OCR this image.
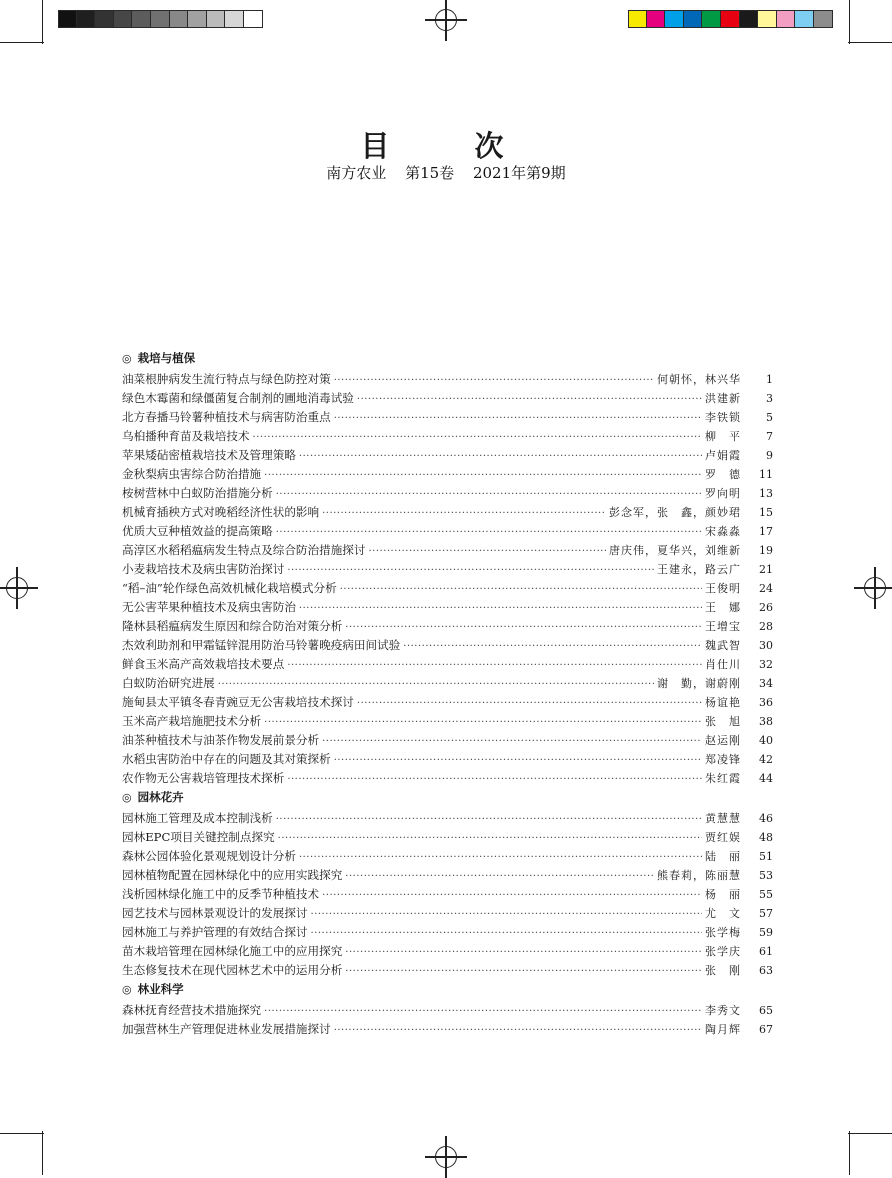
目　次
南方农业 第15卷 2021年第9期
◎ 栽培与植保
油菜根肿病发生流行特点与绿色防控对策 ·····	何朝怀，林兴华	1
绿色木霉菌和绿僵菌复合制剂的圃地消毒试验 ·····	洪建新	3
北方春播马铃薯种植技术与病害防治重点 ·····	李铁锁	5
乌桕播种育苗及栽培技术 ·····	柳　平	7
苹果矮砧密植栽培技术及管理策略 ·····	卢娟霞	9
金秋梨病虫害综合防治措施 ·····	罗　德	11
桉树营林中白蚁防治措施分析 ·····	罗向明	13
机械育插秧方式对晚稻经济性状的影响 ·····	彭念军，张　鑫，颜妙珺	15
优质大豆种植效益的提高策略 ·····	宋淼淼	17
高淳区水稻稻瘟病发生特点及综合防治措施探讨 ·····	唐庆伟，夏华兴，刘维新	19
小麦栽培技术及病虫害防治探讨 ·····	王建永，路云广	21
“稻–油”轮作绿色高效机械化栽培模式分析 ·····	王俊明	24
无公害苹果种植技术及病虫害防治 ·····	王　娜	26
隆林县稻瘟病发生原因和综合防治对策分析 ·····	王增宝	28
杰效利助剂和甲霜锰锌混用防治马铃薯晚疫病田间试验 ·····	魏武智	30
鲜食玉米高产高效栽培技术要点 ·····	肖仕川	32
白蚁防治研究进展 ·····	谢　勤，谢蔚刚	34
施甸县太平镇冬春青豌豆无公害栽培技术探讨 ·····	杨谊艳	36
玉米高产栽培施肥技术分析 ·····	张　旭	38
油茶种植技术与油茶作物发展前景分析 ·····	赵运刚	40
水稻虫害防治中存在的问题及其对策探析 ·····	郑凌锋	42
农作物无公害栽培管理技术探析 ·····	朱红霞	44
◎ 园林花卉
园林施工管理及成本控制浅析 ·····	黄慧慧	46
园林EPC项目关键控制点探究 ·····	贾红娱	48
森林公园体验化景观规划设计分析 ·····	陆　丽	51
园林植物配置在园林绿化中的应用实践探究 ·····	熊春莉，陈丽慧	53
浅析园林绿化施工中的反季节种植技术 ·····	杨　丽	55
园艺技术与园林景观设计的发展探讨 ·····	尤　文	57
园林施工与养护管理的有效结合探讨 ·····	张学梅	59
苗木栽培管理在园林绿化施工中的应用探究 ·····	张学庆	61
生态修复技术在现代园林艺术中的运用分析 ·····	张　刚	63
◎ 林业科学
森林抚育经营技术措施探究 ·····	李秀文	65
加强营林生产管理促进林业发展措施探讨 ·····	陶月辉	67
